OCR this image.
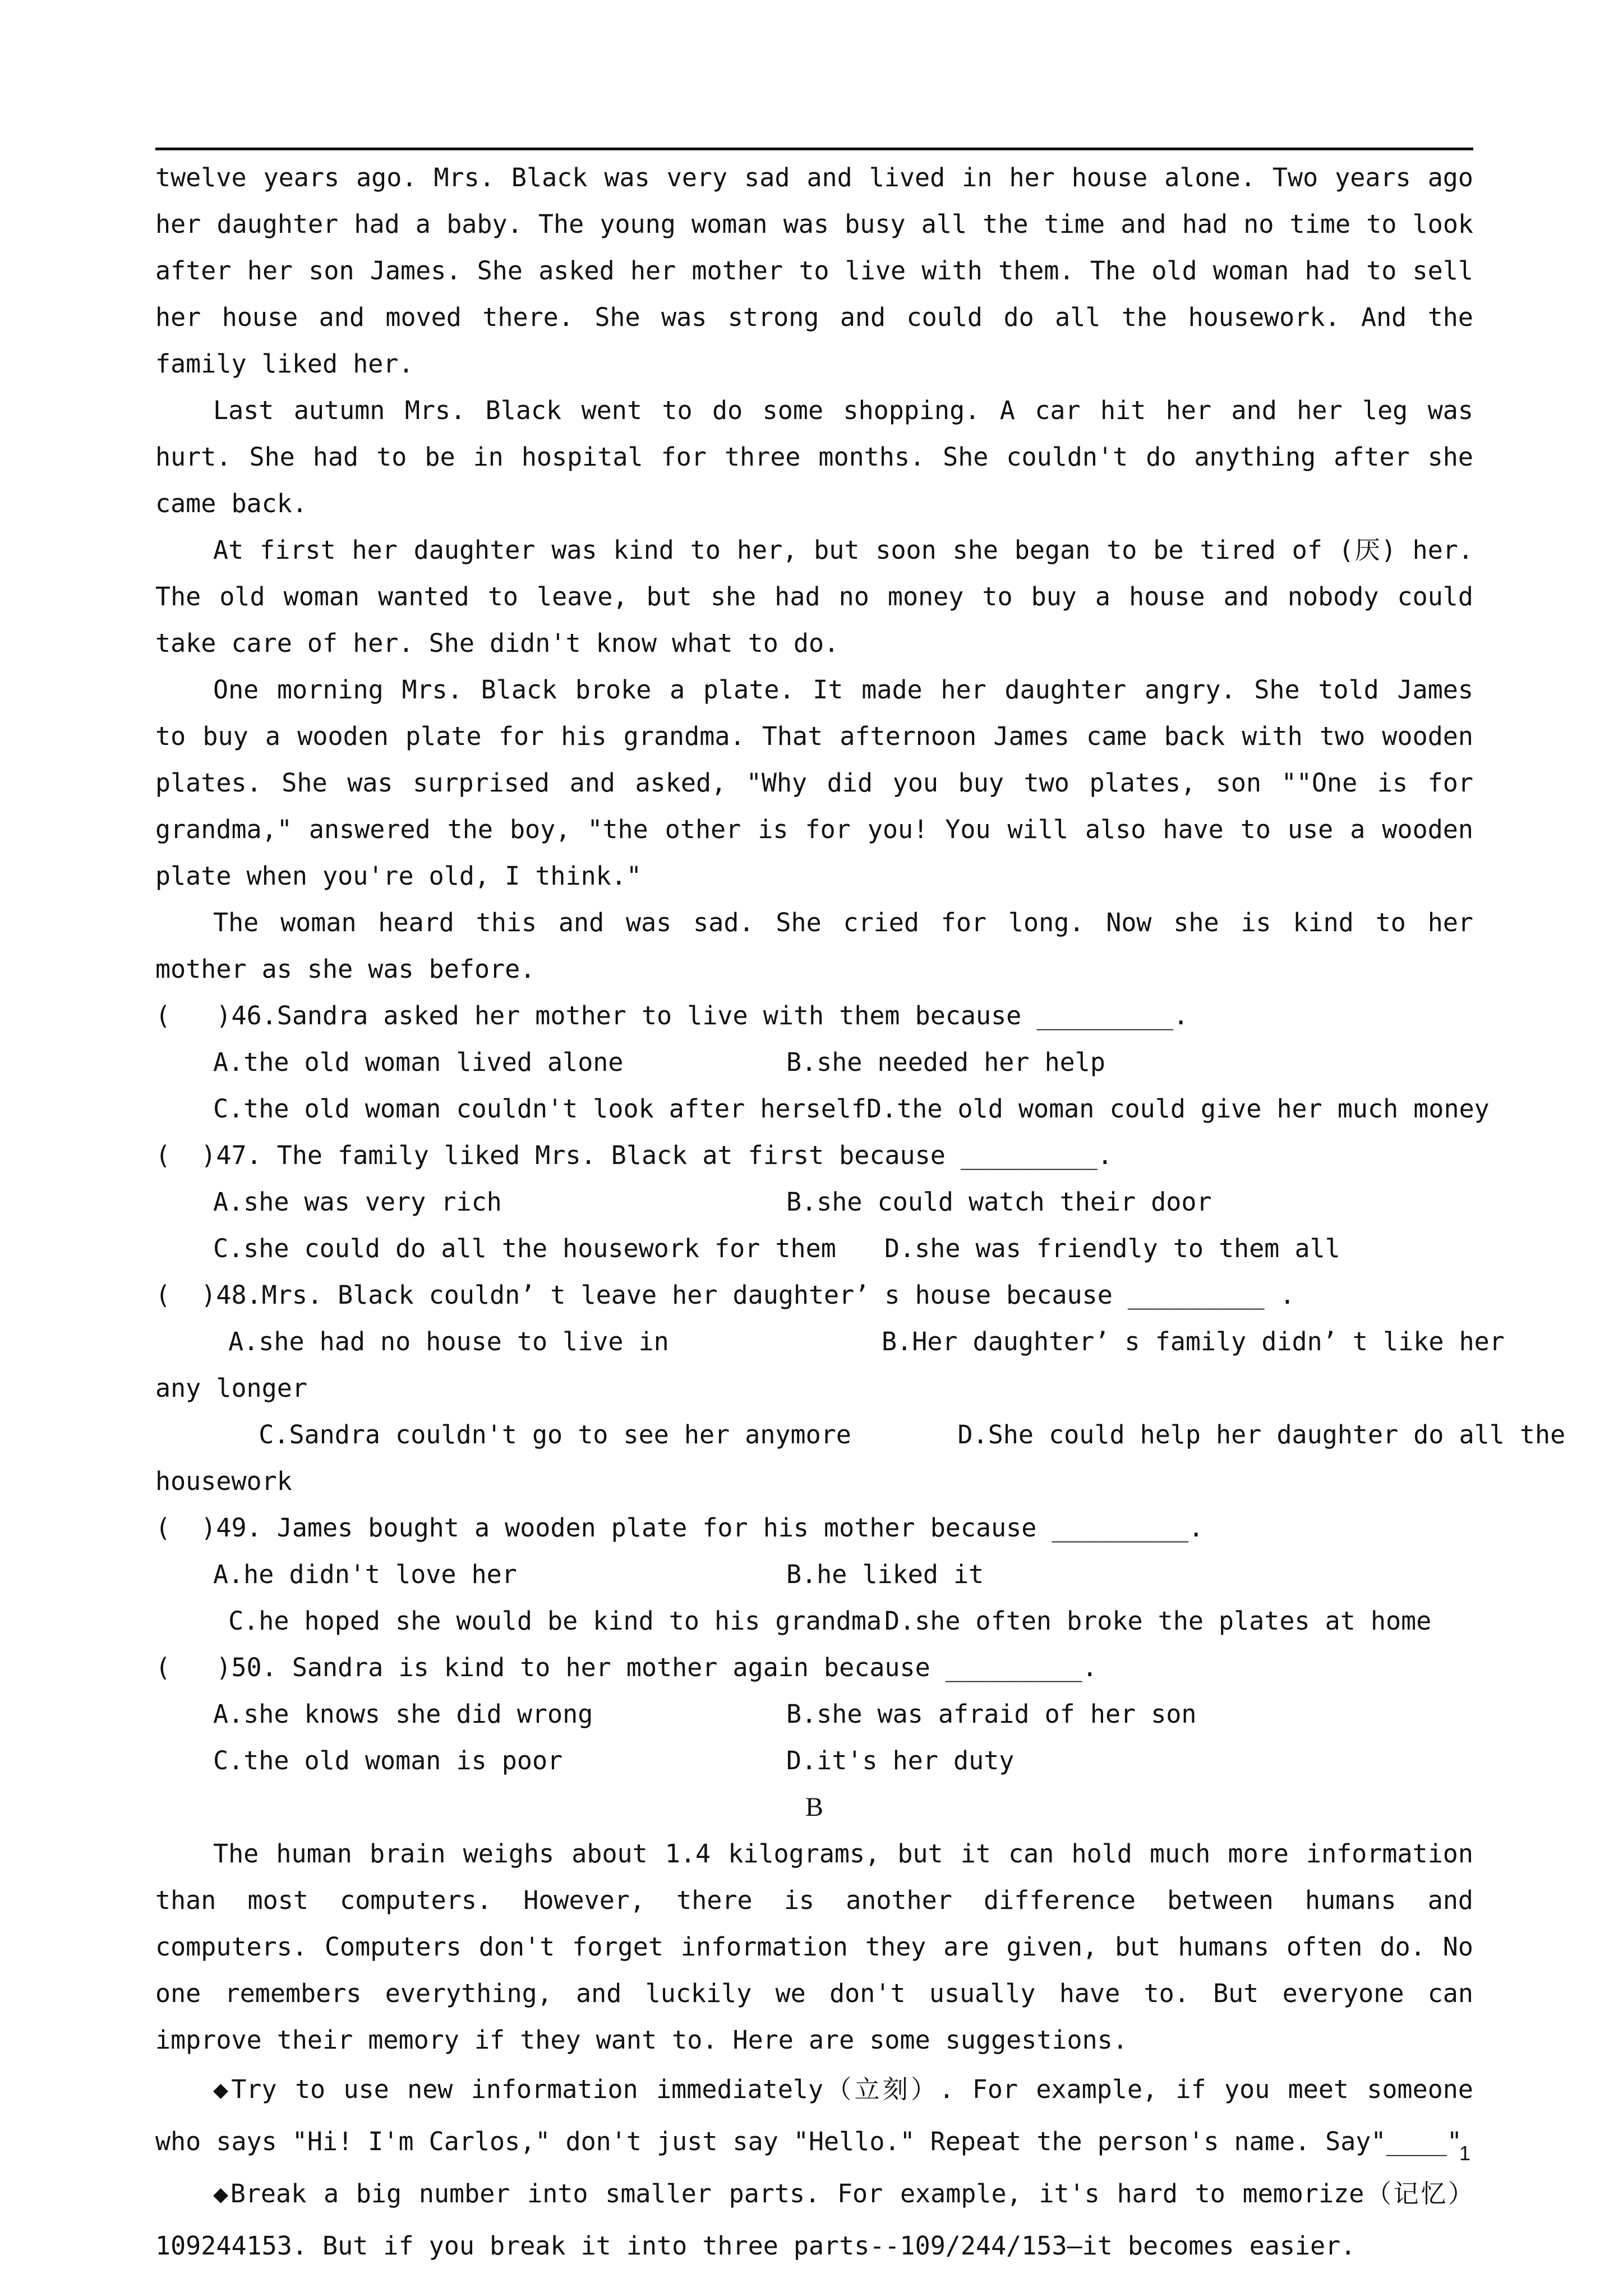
twelve years ago. Mrs. Black was very sad and lived in her house alone. Two years ago her daughter had a baby. The young woman was busy all the time and had no time to look after her son James. She asked her mother to live with them. The old woman had to sell her house and moved there. She was strong and could do all the housework. And the family liked her.

Last autumn Mrs. Black went to do some shopping. A car hit her and her leg was hurt. She had to be in hospital for three months. She couldn't do anything after she came back.

At first her daughter was kind to her, but soon she began to be tired of (厌) her. The old woman wanted to leave, but she had no money to buy a house and nobody could take care of her. She didn't know what to do.

One morning Mrs. Black broke a plate. It made her daughter angry. She told James to buy a wooden plate for his grandma. That afternoon James came back with two wooden plates. She was surprised and asked, "Why did you buy two plates, son ""One is for grandma," answered the boy, "the other is for you! You will also have to use a wooden plate when you're old, I think."

The woman heard this and was sad. She cried for long. Now she is kind to her mother as she was before.

(   )46.Sandra asked her mother to live with them because _________.

A.the old woman lived alone	B.she needed her help
C.the old woman couldn't look after herself D.the old woman could give her much money

(  )47. The family liked Mrs. Black at first because _________.

A.she was very rich	B.she could watch their door
C.she could do all the housework for them	D.she was friendly to them all

(  )48.Mrs. Black couldn’ t leave her daughter’ s house because _________ .

A.she had no house to live in              B.Her daughter’ s family didn’ t like her

any longer

C.Sandra couldn't go to see her anymore       D.She could help her daughter do all the

housework

(  )49. James bought a wooden plate for his mother because _________.

A.he didn't love her	B.he liked it
C.he hoped she would be kind to his grandma D.she often broke the plates at home

(   )50. Sandra is kind to her mother again because _________.

A.she knows she did wrong	B.she was afraid of her son
C.the old woman is poor	D.it's her duty

B

The human brain weighs about 1.4 kilograms, but it can hold much more information than most computers. However, there is another difference between humans and computers. Computers don't forget information they are given, but humans often do. No one remembers everything, and luckily we don't usually have to. But everyone can improve their memory if they want to. Here are some suggestions.

◆Try to use new information immediately（立刻）. For example, if you meet someone who says "Hi! I'm Carlos," don't just say "Hello." Repeat the person's name. Say"____"

◆Break a big number into smaller parts. For example, it's hard to memorize（记忆） 109244153. But if you break it into three parts--109/244/153—it becomes easier.

1
